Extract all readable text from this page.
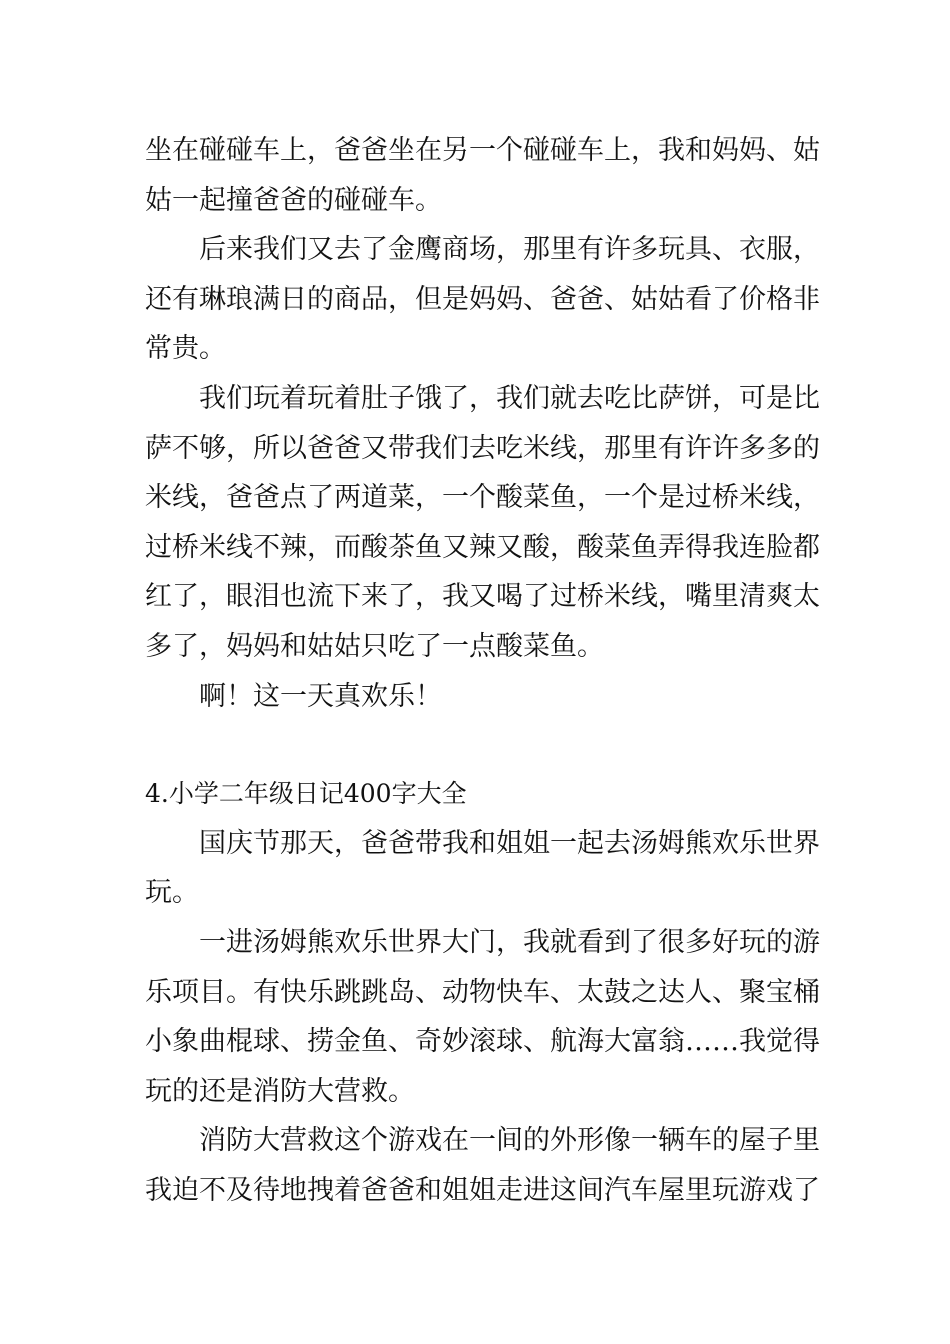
坐在碰碰车上，爸爸坐在另一个碰碰车上，我和妈妈、姑
姑一起撞爸爸的碰碰车。

后来我们又去了金鹰商场，那里有许多玩具、衣服，
还有琳琅满日的商品，但是妈妈、爸爸、姑姑看了价格非
常贵。

我们玩着玩着肚子饿了，我们就去吃比萨饼，可是比
萨不够，所以爸爸又带我们去吃米线，那里有许许多多的
米线，爸爸点了两道菜，一个酸菜鱼，一个是过桥米线，
过桥米线不辣，而酸茶鱼又辣又酸，酸菜鱼弄得我连脸都
红了，眼泪也流下来了，我又喝了过桥米线，嘴里清爽太
多了，妈妈和姑姑只吃了一点酸菜鱼。

啊！这一天真欢乐！

4.小学二年级日记400字大全

国庆节那天，爸爸带我和姐姐一起去汤姆熊欢乐世界
玩。

一进汤姆熊欢乐世界大门，我就看到了很多好玩的游
乐项目。有快乐跳跳岛、动物快车、太鼓之达人、聚宝桶
小象曲棍球、捞金鱼、奇妙滚球、航海大富翁……我觉得
玩的还是消防大营救。

消防大营救这个游戏在一间的外形像一辆车的屋子里
我迫不及待地拽着爸爸和姐姐走进这间汽车屋里玩游戏了
